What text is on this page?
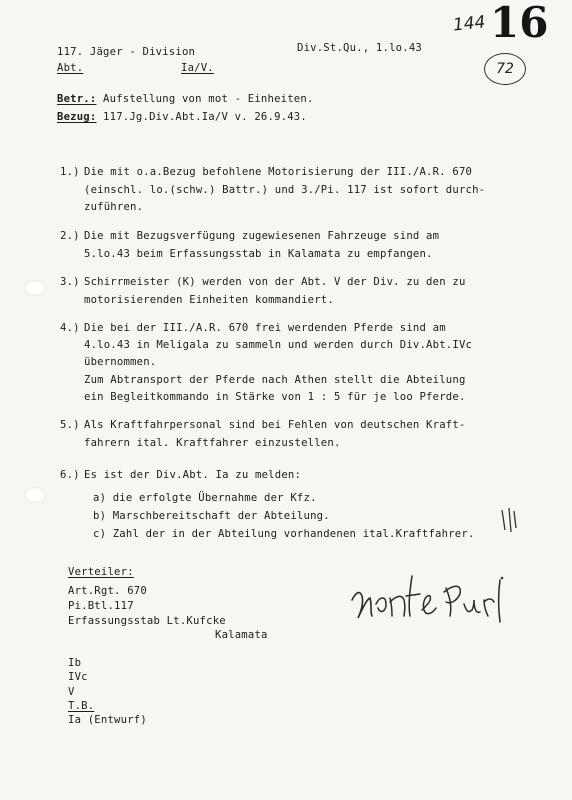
16
144
72
117. Jäger - Division	Div.St.Qu., 1.lo.43
Abt.	Ia/V.
Betr.: Aufstellung von mot - Einheiten.
Bezug: 117.Jg.Div.Abt.Ia/V v. 26.9.43.
1.) Die mit o.a.Bezug befohlene Motorisierung der III./A.R. 670
(einschl. lo.(schw.) Battr.) und 3./Pi. 117 ist sofort durch-
zuführen.
2.) Die mit Bezugsverfügung zugewiesenen Fahrzeuge sind am
5.lo.43 beim Erfassungsstab in Kalamata zu empfangen.
3.) Schirrmeister (K) werden von der Abt. V der Div. zu den zu
motorisierenden Einheiten kommandiert.
4.) Die bei der III./A.R. 670 frei werdenden Pferde sind am
4.lo.43 in Meligala zu sammeln und werden durch Div.Abt.IVc
übernommen.
Zum Abtransport der Pferde nach Athen stellt die Abteilung
ein Begleitkommando in Stärke von 1 : 5 für je loo Pferde.
5.) Als Kraftfahrpersonal sind bei Fehlen von deutschen Kraft-
fahrern ital. Kraftfahrer einzustellen.
6.) Es ist der Div.Abt. Ia zu melden:
a) die erfolgte Übernahme der Kfz.
b) Marschbereitschaft der Abteilung.
c) Zahl der in der Abteilung vorhandenen ital.Kraftfahrer.
Verteiler:
Art.Rgt. 670
Pi.Btl.117
Erfassungsstab Lt.Kufcke
Kalamata
Ib
IVc
V
T.B.
Ia (Entwurf)
